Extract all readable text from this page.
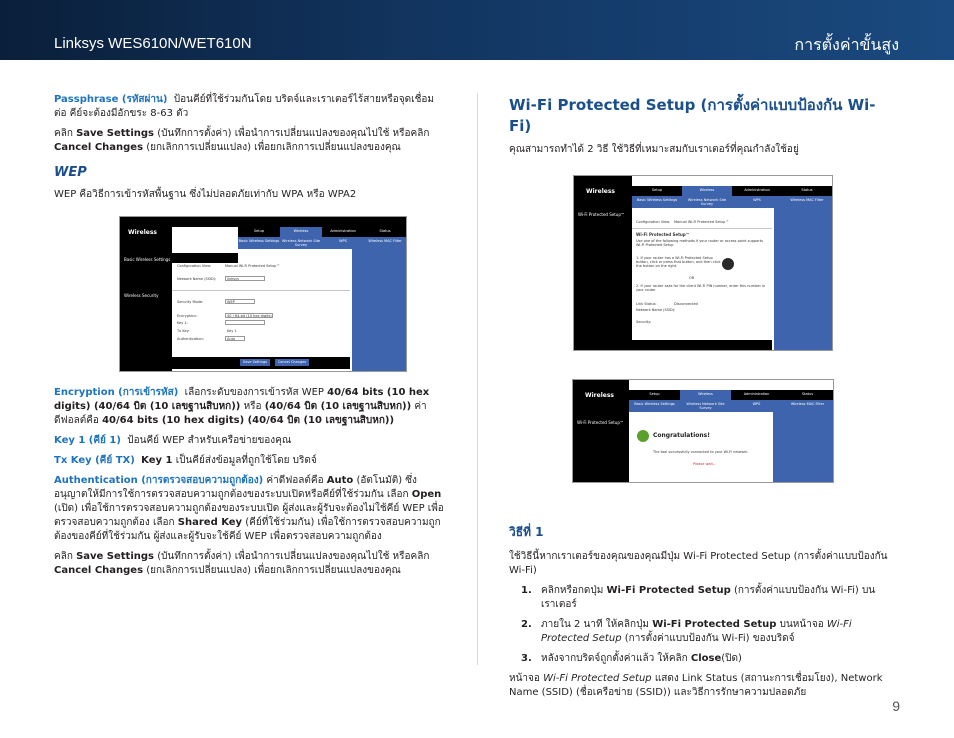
Linksys WES610N/WET610N	การตั้งค่าขั้นสูง

Passphrase (รหัสผ่าน) ป้อนคีย์ที่ใช้ร่วมกันโดย บริดจ์และเราเตอร์ไร้สายหรือจุดเชื่อมต่อ คีย์จะต้องมีอักขระ 8-63 ตัว

คลิก Save Settings (บันทึกการตั้งค่า) เพื่อนำการเปลี่ยนแปลงของคุณไปใช้ หรือคลิก Cancel Changes (ยกเลิกการเปลี่ยนแปลง) เพื่อยกเลิกการเปลี่ยนแปลงของคุณ

WEP

WEP คือวิธีการเข้ารหัสพื้นฐาน ซึ่งไม่ปลอดภัยเท่ากับ WPA หรือ WPA2

Wireless	Setup	Wireless	Administration	Status
Basic Wireless Settings Wireless Network Site Survey
WPS	Wireless MAC Filter
Basic Wireless Settings
Wireless Security
Configuration View:	Manual Wi-Fi Protected Setup™
Network Name (SSID):	linksys
Security Mode:	WEP
Encryption:	40 / 64-bit (10 hex digits)
Key 1:
Tx Key:	Key 1
Authentication:	Auto
Save Settings	Cancel Changes

Encryption (การเข้ารหัส) เลือกระดับของการเข้ารหัส WEP 40/64 bits (10 hex digits) (40/64 บิต (10 เลขฐานสิบหก)) หรือ (40/64 บิต (10 เลขฐานสิบหก)) ค่าดีฟอลต์คือ 40/64 bits (10 hex digits) (40/64 บิต (10 เลขฐานสิบหก))

Key 1 (คีย์ 1) ป้อนคีย์ WEP สำหรับเครือข่ายของคุณ

Tx Key (คีย์ TX) Key 1 เป็นคีย์ส่งข้อมูลที่ถูกใช้โดย บริดจ์

Authentication (การตรวจสอบความถูกต้อง) ค่าดีฟอลต์คือ Auto (อัตโนมัติ) ซึ่งอนุญาตให้มีการใช้การตรวจสอบความถูกต้องของระบบเปิดหรือคีย์ที่ใช้ร่วมกัน เลือก Open (เปิด) เพื่อใช้การตรวจสอบความถูกต้องของระบบเปิด ผู้ส่งและผู้รับจะต้องไม่ใช้คีย์ WEP เพื่อตรวจสอบความถูกต้อง เลือก Shared Key (คีย์ที่ใช้ร่วมกัน) เพื่อใช้การตรวจสอบความถูกต้องของคีย์ที่ใช้ร่วมกัน ผู้ส่งและผู้รับจะใช้คีย์ WEP เพื่อตรวจสอบความถูกต้อง

คลิก Save Settings (บันทึกการตั้งค่า) เพื่อนำการเปลี่ยนแปลงของคุณไปใช้ หรือคลิก Cancel Changes (ยกเลิกการเปลี่ยนแปลง) เพื่อยกเลิกการเปลี่ยนแปลงของคุณ

Wi-Fi Protected Setup (การตั้งค่าแบบป้องกัน Wi-Fi)

คุณสามารถทำได้ 2 วิธี ใช้วิธีที่เหมาะสมกับเราเตอร์ที่คุณกำลังใช้อยู่

Wireless	Setup	Wireless	Administration	Status
Basic Wireless Settings	Wireless Network Site Survey
WPS	Wireless MAC Filter
Wi-Fi Protected Setup™
Configuration View: Manual Wi-Fi Protected Setup™
Wi-Fi Protected Setup™
Use one of the following methods if your router or access point supports Wi-Fi Protected Setup
1. If your router has a Wi-Fi Protected Setup button, click or press that button, and then click the button on the right.
OR
2. If your router asks for the client Wi-Fi PIN number, enter this number in your router
Link Status:	Disconnected
Network Name (SSID):
Security:
Wireless	Setup	Wireless	Administration	Status
Basic Wireless Settings	Wireless Network Site Survey
WPS	Wireless MAC Filter
Wi-Fi Protected Setup™
Congratulations!
The tool successfully connected to your Wi-Fi network.
Please wait...
วิธีที่ 1

ใช้วิธีนี้หากเราเตอร์ของคุณของคุณมีปุ่ม Wi-Fi Protected Setup (การตั้งค่าแบบป้องกัน Wi-Fi)

1. คลิกหรือกดปุ่ม Wi-Fi Protected Setup (การตั้งค่าแบบป้องกัน Wi-Fi) บนเราเตอร์
2. ภายใน 2 นาที ให้คลิกปุ่ม Wi-Fi Protected Setup บนหน้าจอ Wi-Fi Protected Setup (การตั้งค่าแบบป้องกัน Wi-Fi) ของบริดจ์
3. หลังจากบริดจ์ถูกตั้งค่าแล้ว ให้คลิก Close(ปิด)

หน้าจอ Wi-Fi Protected Setup แสดง Link Status (สถานะการเชื่อมโยง), Network Name (SSID) (ชื่อเครือข่าย (SSID)) และวิธีการรักษาความปลอดภัย

9
